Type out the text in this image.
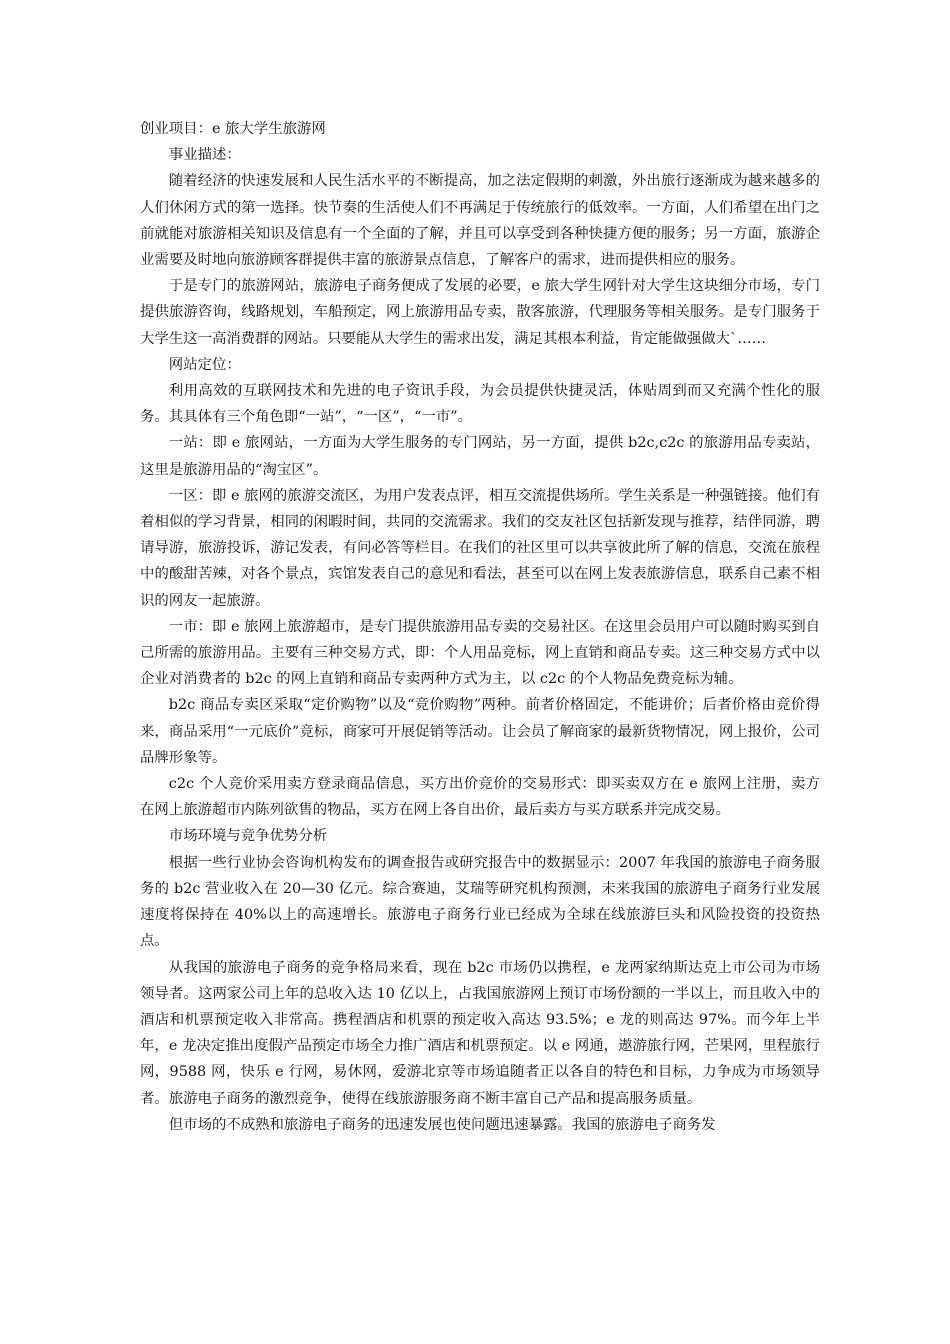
创业项目：e 旅大学生旅游网

事业描述：

随着经济的快速发展和人民生活水平的不断提高，加之法定假期的刺激，外出旅行逐渐成为越来越多的人们休闲方式的第一选择。快节奏的生活使人们不再满足于传统旅行的低效率。一方面，人们希望在出门之前就能对旅游相关知识及信息有一个全面的了解，并且可以享受到各种快捷方便的服务；另一方面，旅游企业需要及时地向旅游顾客群提供丰富的旅游景点信息，了解客户的需求，进而提供相应的服务。

于是专门的旅游网站，旅游电子商务便成了发展的必要，e 旅大学生网针对大学生这块细分市场，专门提供旅游咨询，线路规划，车船预定，网上旅游用品专卖，散客旅游，代理服务等相关服务。是专门服务于大学生这一高消费群的网站。只要能从大学生的需求出发，满足其根本利益，肯定能做强做大`……

网站定位：

利用高效的互联网技术和先进的电子资讯手段，为会员提供快捷灵活，体贴周到而又充满个性化的服务。其具体有三个角色即“一站”，“一区”，“一市”。

一站：即 e 旅网站，一方面为大学生服务的专门网站，另一方面，提供 b2c,c2c 的旅游用品专卖站，这里是旅游用品的“淘宝区”。

一区：即 e 旅网的旅游交流区，为用户发表点评，相互交流提供场所。学生关系是一种强链接。他们有着相似的学习背景，相同的闲暇时间，共同的交流需求。我们的交友社区包括新发现与推荐，结伴同游，聘请导游，旅游投诉，游记发表，有问必答等栏目。在我们的社区里可以共享彼此所了解的信息，交流在旅程中的酸甜苦辣，对各个景点，宾馆发表自己的意见和看法，甚至可以在网上发表旅游信息，联系自己素不相识的网友一起旅游。

一市：即 e 旅网上旅游超市，是专门提供旅游用品专卖的交易社区。在这里会员用户可以随时购买到自己所需的旅游用品。主要有三种交易方式，即：个人用品竞标，网上直销和商品专卖。这三种交易方式中以企业对消费者的 b2c 的网上直销和商品专卖两种方式为主，以 c2c 的个人物品免费竞标为辅。

b2c 商品专卖区采取“定价购物”以及“竞价购物”两种。前者价格固定，不能讲价；后者价格由竞价得来，商品采用“一元底价”竞标，商家可开展促销等活动。让会员了解商家的最新货物情况，网上报价，公司品牌形象等。

c2c 个人竞价采用卖方登录商品信息，买方出价竞价的交易形式：即买卖双方在 e 旅网上注册，卖方在网上旅游超市内陈列欲售的物品，买方在网上各自出价，最后卖方与买方联系并完成交易。

市场环境与竞争优势分析

根据一些行业协会咨询机构发布的调查报告或研究报告中的数据显示：2007 年我国的旅游电子商务服务的 b2c 营业收入在 20—30 亿元。综合赛迪，艾瑞等研究机构预测，未来我国的旅游电子商务行业发展速度将保持在 40%以上的高速增长。旅游电子商务行业已经成为全球在线旅游巨头和风险投资的投资热点。

从我国的旅游电子商务的竞争格局来看，现在 b2c 市场仍以携程，e 龙两家纳斯达克上市公司为市场领导者。这两家公司上年的总收入达 10 亿以上，占我国旅游网上预订市场份额的一半以上，而且收入中的酒店和机票预定收入非常高。携程酒店和机票的预定收入高达 93.5%；e 龙的则高达 97%。而今年上半年，e 龙决定推出度假产品预定市场全力推广酒店和机票预定。以 e 网通，遨游旅行网，芒果网，里程旅行网，9588 网，快乐 e 行网，易休网，爱游北京等市场追随者正以各自的特色和目标，力争成为市场领导者。旅游电子商务的激烈竞争，使得在线旅游服务商不断丰富自己产品和提高服务质量。

但市场的不成熟和旅游电子商务的迅速发展也使问题迅速暴露。我国的旅游电子商务发
